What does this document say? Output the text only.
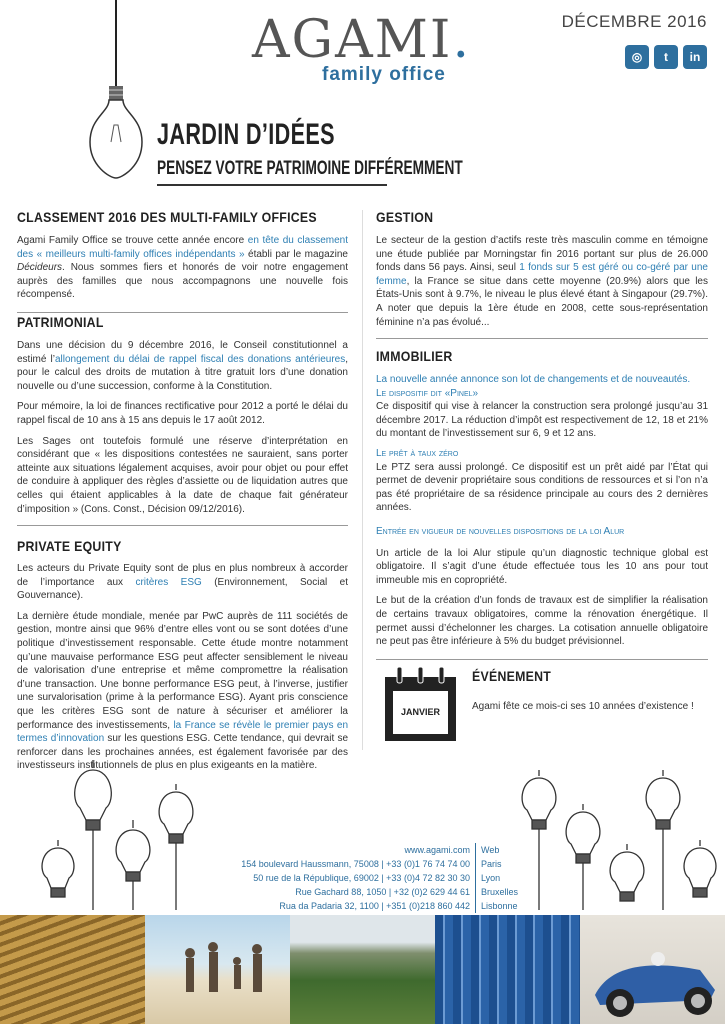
DÉCEMBRE 2016
◎	t	in
AGAMI.
family office
JARDIN D’IDÉES
PENSEZ VOTRE PATRIMOINE DIFFÉREMMENT
CLASSEMENT 2016 DES MULTI-FAMILY OFFICES
Agami Family Office se trouve cette année encore en tête du classement des « meilleurs multi-family offices indépendants » établi par le magazine Décideurs. Nous sommes fiers et honorés de voir notre engagement auprès des familles que nous accompagnons une nouvelle fois récompensé.
PATRIMONIAL
Dans une décision du 9 décembre 2016, le Conseil constitutionnel a estimé l’allongement du délai de rappel fiscal des donations antérieures, pour le calcul des droits de mutation à titre gratuit lors d’une donation nouvelle ou d’une succession, conforme à la Constitution.
Pour mémoire, la loi de finances rectificative pour 2012 a porté le délai du rappel fiscal de 10 ans à 15 ans depuis le 17 août 2012.
Les Sages ont toutefois formulé une réserve d’interprétation en considérant que « les dispositions contestées ne sauraient, sans porter atteinte aux situations légalement acquises, avoir pour objet ou pour effet de conduire à appliquer des règles d’assiette ou de liquidation autres que celles qui étaient applicables à la date de chaque fait générateur d’imposition » (Cons. Const., Décision 09/12/2016).
PRIVATE EQUITY
Les acteurs du Private Equity sont de plus en plus nombreux à accorder de l’importance aux critères ESG (Environnement, Social et Gouvernance).
La dernière étude mondiale, menée par PwC auprès de 111 sociétés de gestion, montre ainsi que 96% d’entre elles vont ou se sont dotées d’une politique d’investissement responsable. Cette étude montre notamment qu’une mauvaise performance ESG peut affecter sensiblement le niveau de valorisation d’une entreprise et même compromettre la réalisation d’une transaction. Une bonne performance ESG peut, à l’inverse, justifier une survalorisation (prime à la performance ESG). Ayant pris conscience que les critères ESG sont de nature à sécuriser et améliorer la performance des investissements, la France se révèle le premier pays en termes d’innovation sur les questions ESG. Cette tendance, qui devrait se renforcer dans les prochaines années, est également favorisée par des investisseurs institutionnels de plus en plus exigeants en la matière.
GESTION
Le secteur de la gestion d’actifs reste très masculin comme en témoigne une étude publiée par Morningstar fin 2016 portant sur plus de 26.000 fonds dans 56 pays. Ainsi, seul 1 fonds sur 5 est géré ou co-géré par une femme, la France se situe dans cette moyenne (20.9%) alors que les États-Unis sont à 9.7%, le niveau le plus élevé étant à Singapour (29.7%). A noter que depuis la 1ère étude en 2008, cette sous-représentation féminine n’a pas évolué...
IMMOBILIER
La nouvelle année annonce son lot de changements et de nouveautés.
Le dispositif dit «Pinel»
Ce dispositif qui vise à relancer la construction sera prolongé jusqu’au 31 décembre 2017. La réduction d’impôt est respectivement de 12, 18 et 21% du montant de l’investissement sur 6, 9 et 12 ans.
Le prêt à taux zéro
Le PTZ sera aussi prolongé. Ce dispositif est un prêt aidé par l’État qui permet de devenir propriétaire sous conditions de ressources et si l’on n’a pas été propriétaire de sa résidence principale au cours des 2 dernières années.
Entrée en vigueur de nouvelles dispositions de la loi Alur
Un article de la loi Alur stipule qu’un diagnostic technique global est obligatoire. Il s’agit d’une étude effectuée tous les 10 ans pour tout immeuble mis en copropriété.
Le but de la création d’un fonds de travaux est de simplifier la réalisation de certains travaux obligatoires, comme la rénovation énergétique. Il permet aussi d’échelonner les charges. La cotisation annuelle obligatoire ne peut pas être inférieure à 5% du budget prévisionnel.
JANVIER
ÉVÉNEMENT
Agami fête ce mois-ci ses 10 années d’existence !
www.agami.com
154 boulevard Haussmann, 75008 | +33 (0)1 76 74 74 00
50 rue de la République, 69002 | +33 (0)4 72 82 30 30
Rue Gachard 88, 1050 | +32 (0)2 629 44 61
Rua da Padaria 32, 1100 | +351 (0)218 860 442
Web
Paris
Lyon
Bruxelles
Lisbonne
